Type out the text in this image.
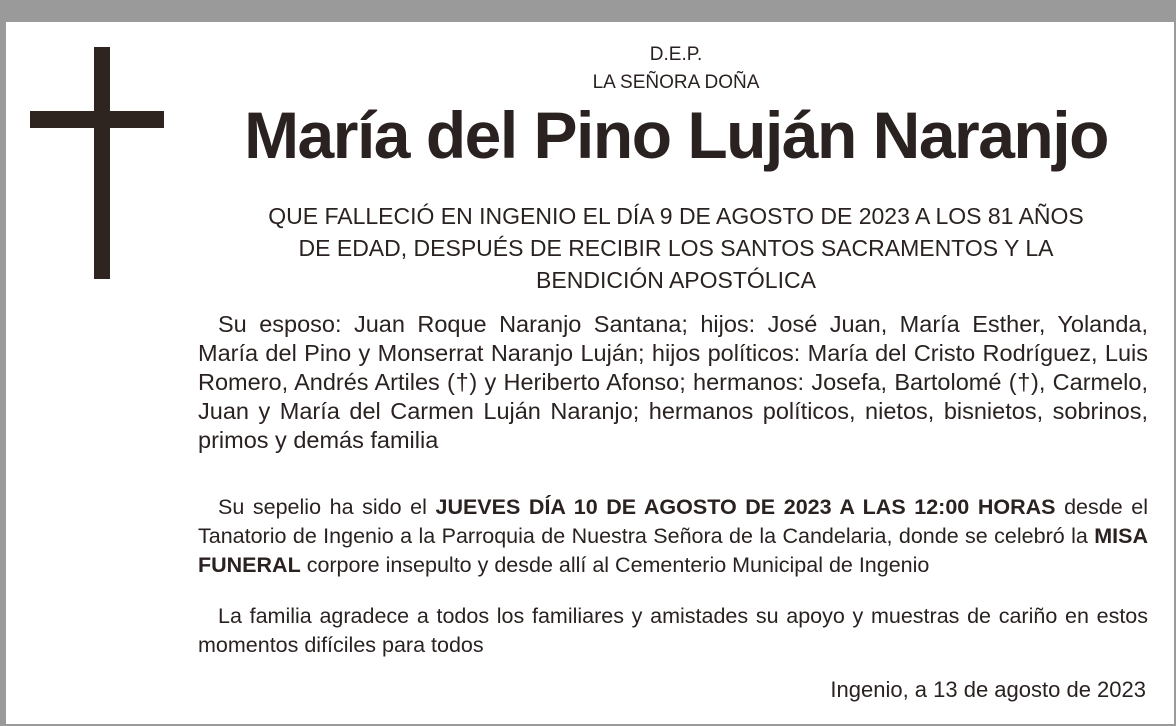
D.E.P.
LA SEÑORA DOÑA
María del Pino Luján Naranjo
QUE FALLECIÓ EN INGENIO EL DÍA 9 DE AGOSTO DE 2023 A LOS 81 AÑOS
DE EDAD, DESPUÉS DE RECIBIR LOS SANTOS SACRAMENTOS Y LA
BENDICIÓN APOSTÓLICA
Su esposo: Juan Roque Naranjo Santana; hijos: José Juan, María Esther, Yolanda, María del Pino y Monserrat Naranjo Luján; hijos políticos: María del Cristo Rodríguez, Luis Romero, Andrés Artiles (†) y Heriberto Afonso; hermanos: Josefa, Bartolomé (†), Carmelo, Juan y María del Carmen Luján Naranjo; hermanos políticos, nietos, bisnietos, sobrinos, primos y demás familia
Su sepelio ha sido el JUEVES DÍA 10 DE AGOSTO DE 2023 A LAS 12:00 HORAS desde el Tanatorio de Ingenio a la Parroquia de Nuestra Señora de la Candelaria, donde se celebró la MISA FUNERAL corpore insepulto y desde allí al Cementerio Municipal de Ingenio
La familia agradece a todos los familiares y amistades su apoyo y muestras de cariño en estos momentos difíciles para todos
Ingenio, a 13 de agosto de 2023
